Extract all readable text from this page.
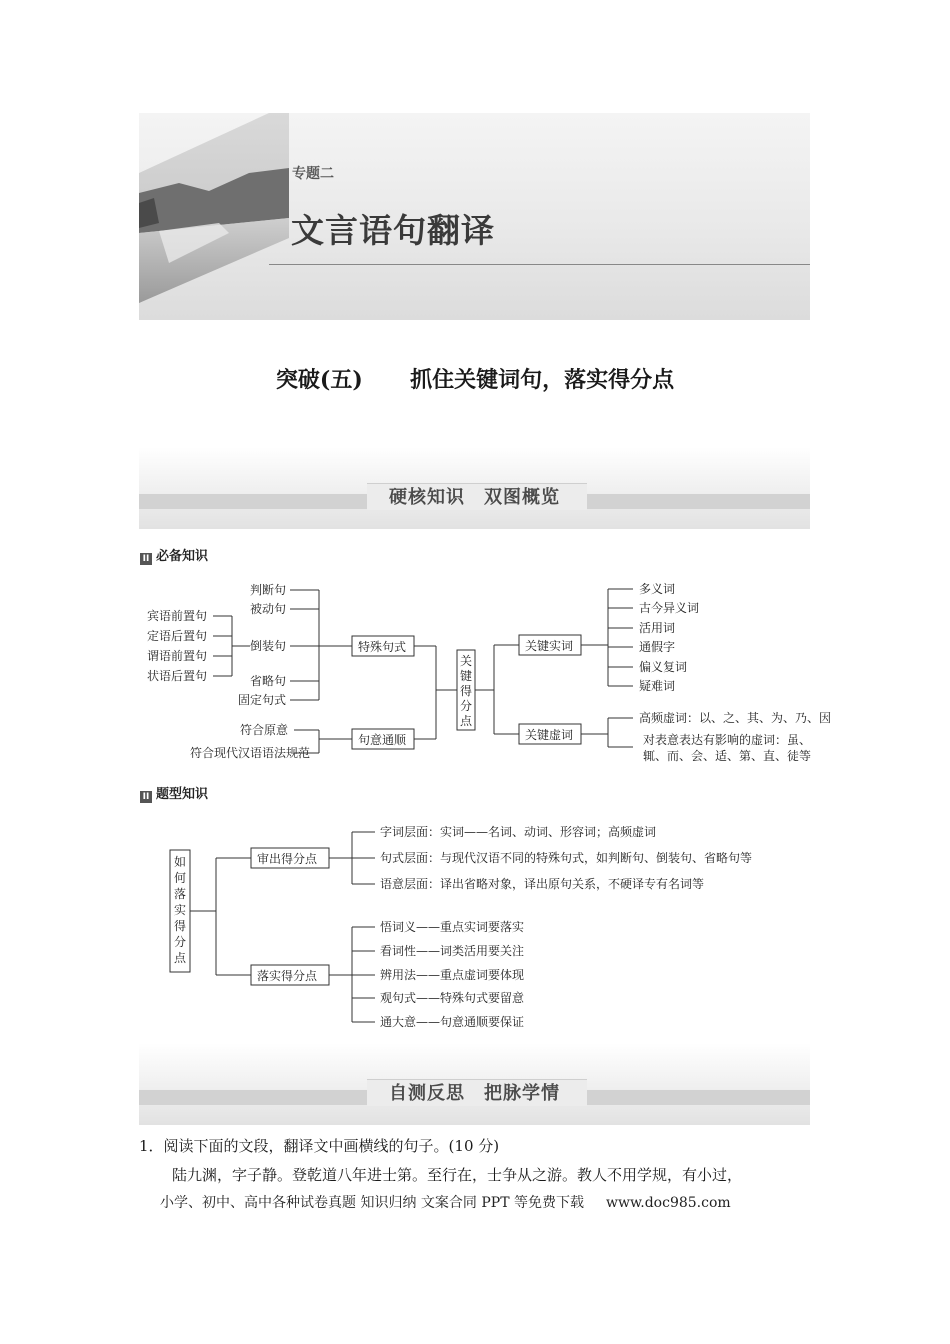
专题二
文言语句翻译
突破(五) 抓住关键词句，落实得分点
硬核知识　双图概览
II 必备知识
宾语前置句
定语后置句
谓语前置句
状语后置句
判断句
被动句
倒装句
省略句
固定句式
特殊句式
符合原意
符合现代汉语语法规范
句意通顺
关
键
得
分
点
关键实词
关键虚词
多义词
古今异义词
活用词
通假字
偏义复词
疑难词
高频虚词：以、之、其、为、乃、因
对表意表达有影响的虚词：虽、
辄、而、会、适、第、直、徒等
如
何
落
实
得
分
点
审出得分点
落实得分点
字词层面：实词——名词、动词、形容词；高频虚词
句式层面：与现代汉语不同的特殊句式，如判断句、倒装句、省略句等
语意层面：译出省略对象，译出原句关系，不硬译专有名词等
悟词义——重点实词要落实
看词性——词类活用要关注
辨用法——重点虚词要体现
观句式——特殊句式要留意
通大意——句意通顺要保证
II 题型知识
自测反思　把脉学情
1．阅读下面的文段，翻译文中画横线的句子。(10 分)
陆九渊，字子静。登乾道八年进士第。至行在，士争从之游。教人不用学规，有小过，
小学、初中、高中各种试卷真题 知识归纳 文案合同 PPT 等免费下载 www.doc985.com
